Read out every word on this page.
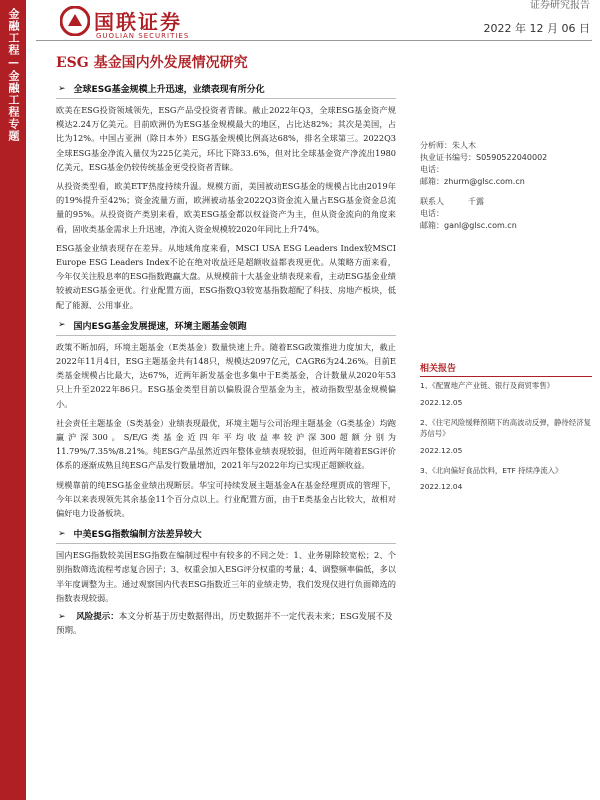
金融工程—金融工程专题	国联证券
GUOLIAN SECURITIES
证券研究报告
2022 年 12 月 06 日
ESG 基金国内外发展情况研究
➢ 全球ESG基金规模上升迅速，业绩表现有所分化

欧美在ESG投资领域领先，ESG产品受投资者青睐。截止2022年Q3，全球ESG基金资产规模达2.24万亿美元。目前欧洲仍为ESG基金规模最大的地区，占比达82%；其次是美国，占比为12%。中国占亚洲（除日本外）ESG基金规模比例高达68%，排名全球第三。2022Q3全球ESG基金净流入量仅为225亿美元，环比下降33.6%，但对比全球基金资产净流出1980亿美元，ESG基金仍较传统基金更受投资者青睐。

从投资类型看，欧美ETF热度持续升温。规模方面，美国被动ESG基金的规模占比由2019年的19%提升至42%；资金流量方面，欧洲被动基金2022Q3资金流入量占ESG基金资金总流量的95%。从投资资产类别来看，欧美ESG基金都以权益资产为主，但从资金流向的角度来看，固收类基金需求上升迅速，净流入资金规模较2020年同比上升74%。

ESG基金业绩表现存在差异。从地域角度来看，MSCI USA ESG Leaders Index较MSCI Europe ESG Leaders Index不论在绝对收益还是超额收益都表现更优。从策略方面来看，今年仅关注股息率的ESG指数跑赢大盘。从规模前十大基金业绩表现来看，主动ESG基金业绩较被动ESG基金更优。行业配置方面，ESG指数Q3较宽基指数超配了科技、房地产板块，低配了能源、公用事业。

➢ 国内ESG基金发展提速，环境主题基金领跑

政策不断加码，环境主题基金（E类基金）数量快速上升。随着ESG政策推进力度加大，截止2022年11月4日，ESG主题基金共有148只，规模达2097亿元，CAGR6为24.26%。目前E类基金规模占比最大，达67%，近两年新发基金也多集中于E类基金，合计数量从2020年53只上升至2022年86只。ESG基金类型目前以偏股混合型基金为主，被动指数型基金规模偏小。

社会责任主题基金（S类基金）业绩表现最优，环境主题与公司治理主题基金（G类基金）均跑赢沪深300。S/E/G类基金近四年平均收益率较沪深300超额分别为11.79%/7.35%/8.21%。纯ESG产品虽然近四年整体业绩表现较弱，但近两年随着ESG评价体系的逐渐成熟且纯ESG产品发行数量增加，2021年与2022年均已实现正超额收益。

规模靠前的纯ESG基金业绩出现断层。华宝可持续发展主题基金A在基金经理贾成的管理下，今年以来表现领先其余基金11个百分点以上。行业配置方面，由于E类基金占比较大，故相对偏好电力设备板块。

➢ 中美ESG指数编制方法差异较大

国内ESG指数较美国ESG指数在编制过程中有较多的不同之处：1、业务剔除较宽松；2、个别指数筛选流程考虑复合因子；3、权重会加入ESG评分权重的考量；4、调整频率偏低，多以半年度调整为主。通过观察国内代表ESG指数近三年的业绩走势，我们发现仅进行负面筛选的指数表现较弱。

➢ 风险提示：本文分析基于历史数据得出，历史数据并不一定代表未来；ESG发展不及预期。
分析师：朱人木
执业证书编号：S0590522040002
电话：
邮箱：zhurm@glsc.com.cn
联系人　　　千露
电话：
邮箱：ganl@glsc.com.cn
相关报告
1、《配置地产产业链、银行及商贸零售》
2022.12.05
2、《住宅风险缓释预期下的高波动反弹，静待经济复苏信号》
2022.12.05
3、《北向偏好食品饮料，ETF 持续净流入》
2022.12.04
